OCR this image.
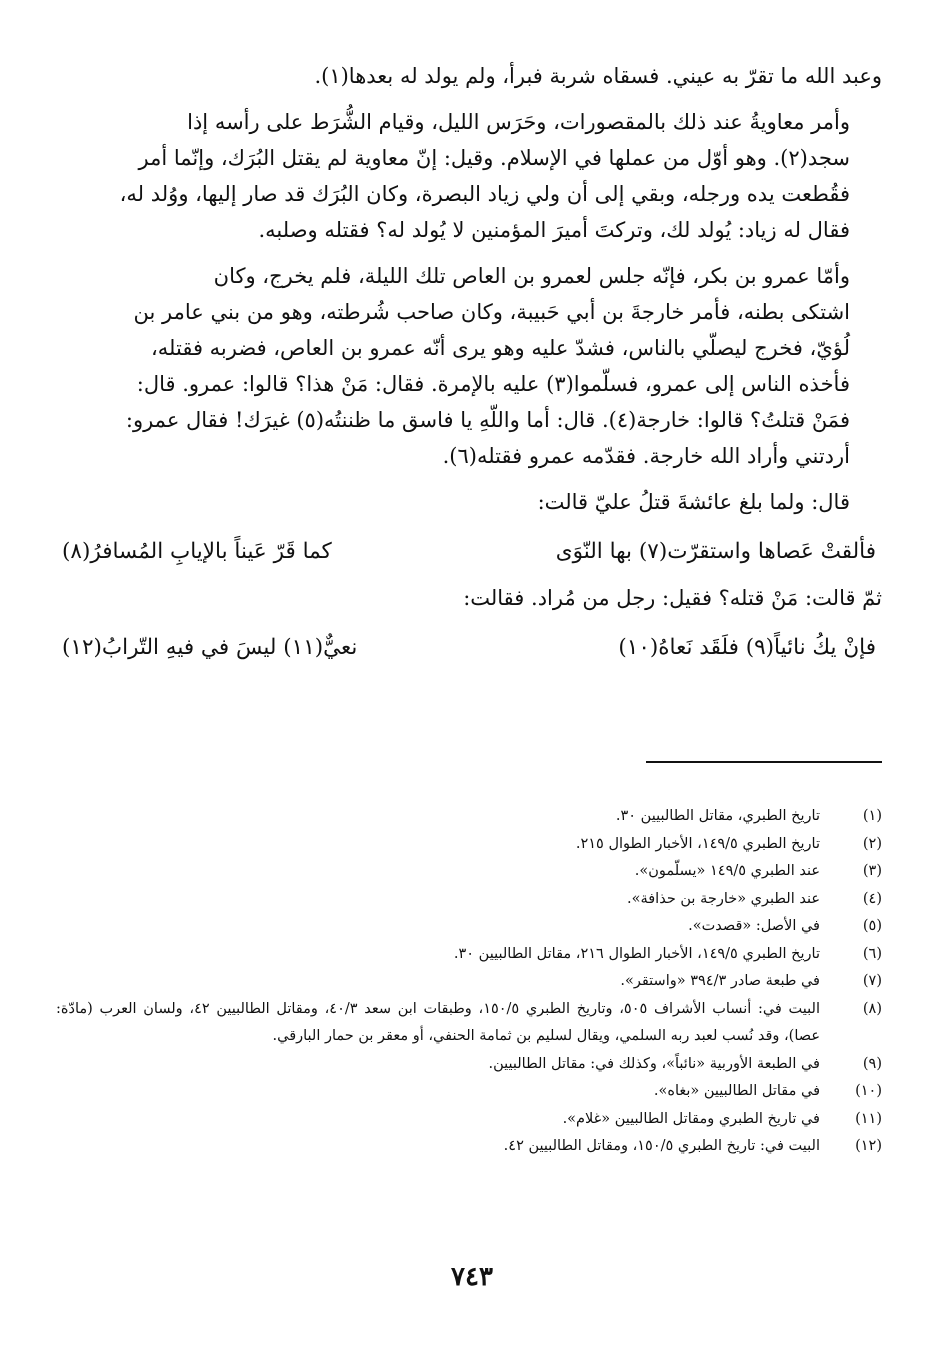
وعبد الله ما تقرّ به عيني. فسقاه شربة فبرأ، ولم يولد له بعدها(١).
وأمر معاويةُ عند ذلك بالمقصورات، وحَرَس الليل، وقيام الشُّرَط على رأسه إذا
سجد(٢). وهو أوّل من عملها في الإسلام. وقيل: إنّ معاوية لم يقتل البُرَك، وإنّما أمر
فقُطعت يده ورجله، وبقي إلى أن ولي زياد البصرة، وكان البُرَك قد صار إليها، ووُلد له،
فقال له زياد: يُولد لك، وتركتَ أميرَ المؤمنين لا يُولد له؟ فقتله وصلبه.
وأمّا عمرو بن بكر، فإنّه جلس لعمرو بن العاص تلك الليلة، فلم يخرج، وكان
اشتكى بطنه، فأمر خارجةَ بن أبي حَبيبة، وكان صاحب شُرطته، وهو من بني عامر بن
لُؤيّ، فخرج ليصلّي بالناس، فشدّ عليه وهو يرى أنّه عمرو بن العاص، فضربه فقتله،
فأخذه الناس إلى عمرو، فسلّموا(٣) عليه بالإمرة. فقال: مَنْ هذا؟ قالوا: عمرو. قال:
فمَنْ قتلتُ؟ قالوا: خارجة(٤). قال: أما واللّهِ يا فاسق ما ظننتُه(٥) غيرَك! فقال عمرو:
أردتني وأراد الله خارجة. فقدّمه عمرو فقتله(٦).
قال: ولما بلغ عائشةَ قتلُ عليّ قالت:
فألقتْ عَصاها واستقرّت(٧) بها النّوَى
كما قَرّ عَيناً بالإيابِ المُسافرُ(٨)
ثمّ قالت: مَنْ قتله؟ فقيل: رجل من مُراد. فقالت:
فإنْ يكُ نائياً(٩) فلَقَد نَعاهُ(١٠)
نعيٌّ(١١) ليسَ في فيهِ التّرابُ(١٢)
(١)
تاريخ الطبري، مقاتل الطالبيين ٣٠.
(٢)
تاريخ الطبري ١٤٩/٥، الأخبار الطوال ٢١٥.
(٣)
عند الطبري ١٤٩/٥ «يسلّمون».
(٤)
عند الطبري «خارجة بن حذافة».
(٥)
في الأصل: «قصدت».
(٦)
تاريخ الطبري ١٤٩/٥، الأخبار الطوال ٢١٦، مقاتل الطالبيين ٣٠.
(٧)
في طبعة صادر ٣٩٤/٣ «واستقر».
(٨)
البيت في: أنساب الأشراف ٥٠٥، وتاريخ الطبري ١٥٠/٥، وطبقات ابن سعد ٤٠/٣، ومقاتل الطالبيين ٤٢، ولسان العرب (مادّة: عصا)، وقد نُسب لعبد ربه السلمي، ويقال لسليم بن ثمامة الحنفي، أو معقر بن حمار البارقي.
(٩)
في الطبعة الأوربية «نائباً»، وكذلك في: مقاتل الطالبيين.
(١٠)
في مقاتل الطالبيين «بغاه».
(١١)
في تاريخ الطبري ومقاتل الطالبيين «غلام».
(١٢)
البيت في: تاريخ الطبري ١٥٠/٥، ومقاتل الطالبيين ٤٢.
٧٤٣
